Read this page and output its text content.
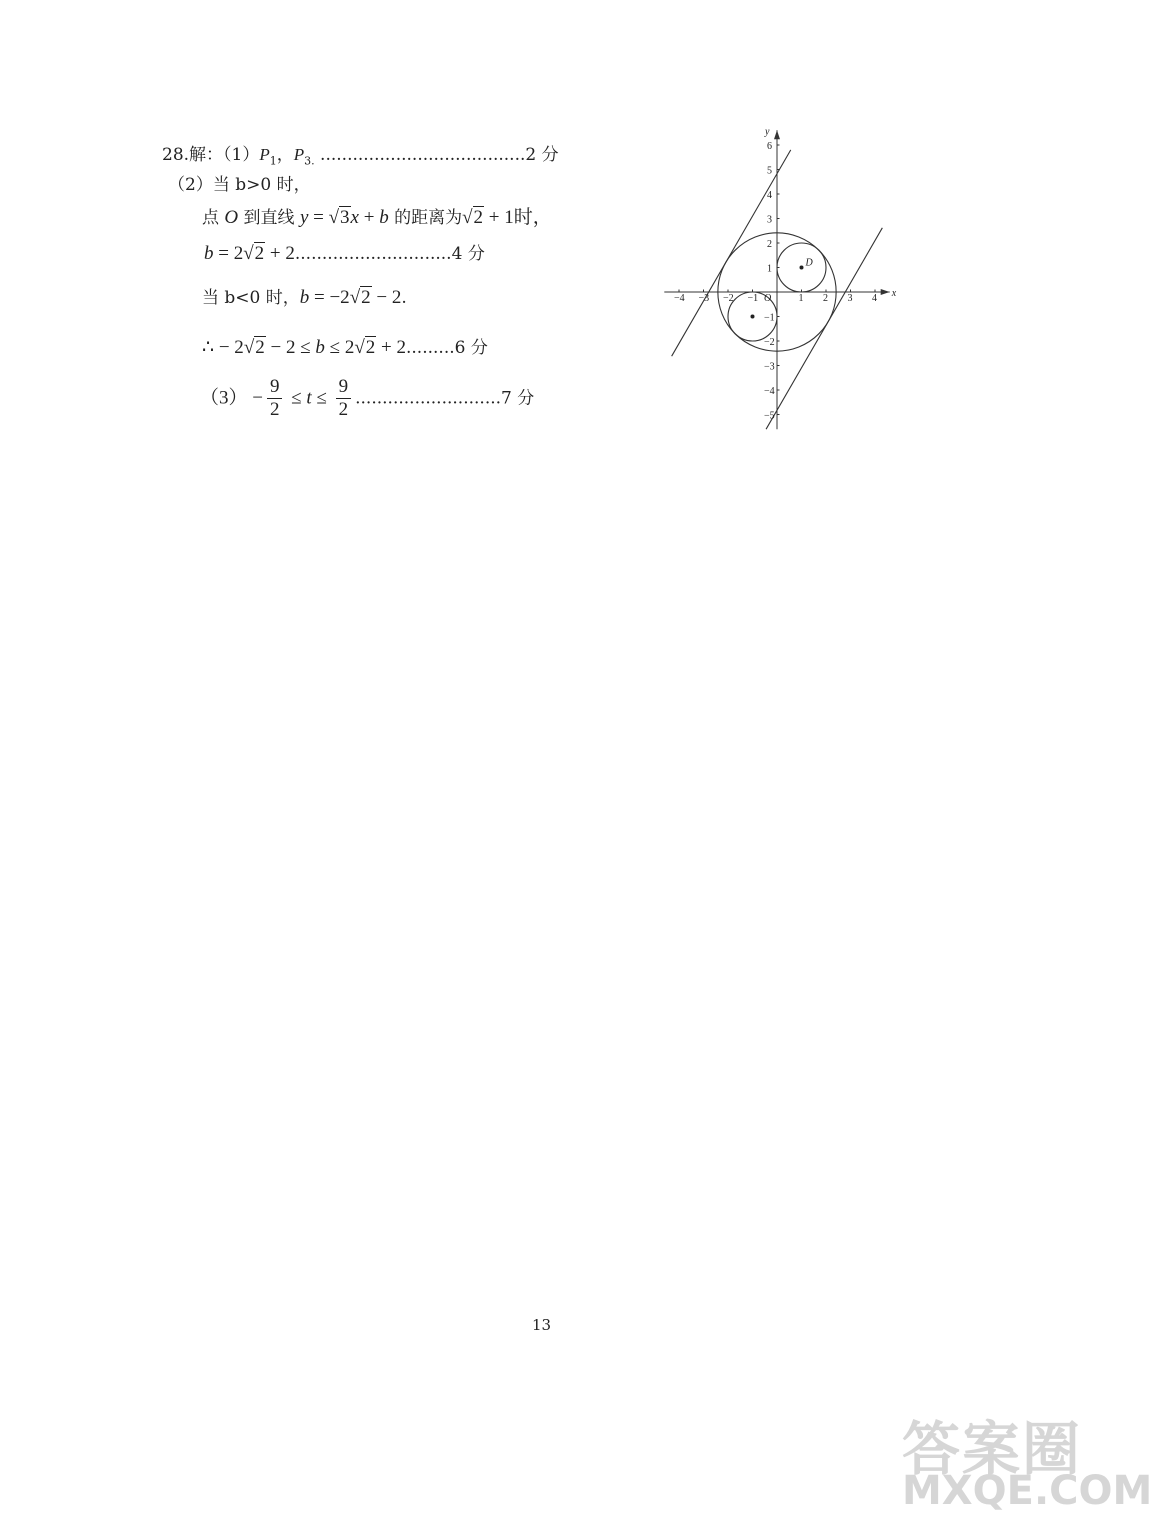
28.解：$(1)P_1$，$P_{3.}$ ......................................2 分
（2）当 b>0 时，
点 O 到直线 y = √3x + b 的距离为√2 + 1时，
b = 2√2 + 2.............................4 分
当 b<0 时，b = −2√2 − 2.
∴ − 2√2 − 2 ≤ b ≤ 2√2 + 2.........6 分
$(3) - \frac{9}{2} \le t \le \frac{9}{2} ...........................7$ 分
x
y
O
D
−4 −3 −2 −1	1 2 3 4
6
5
4
3
2
1
−1
−2
−3
−4
−5
13
答案圈
MXQE.COM
